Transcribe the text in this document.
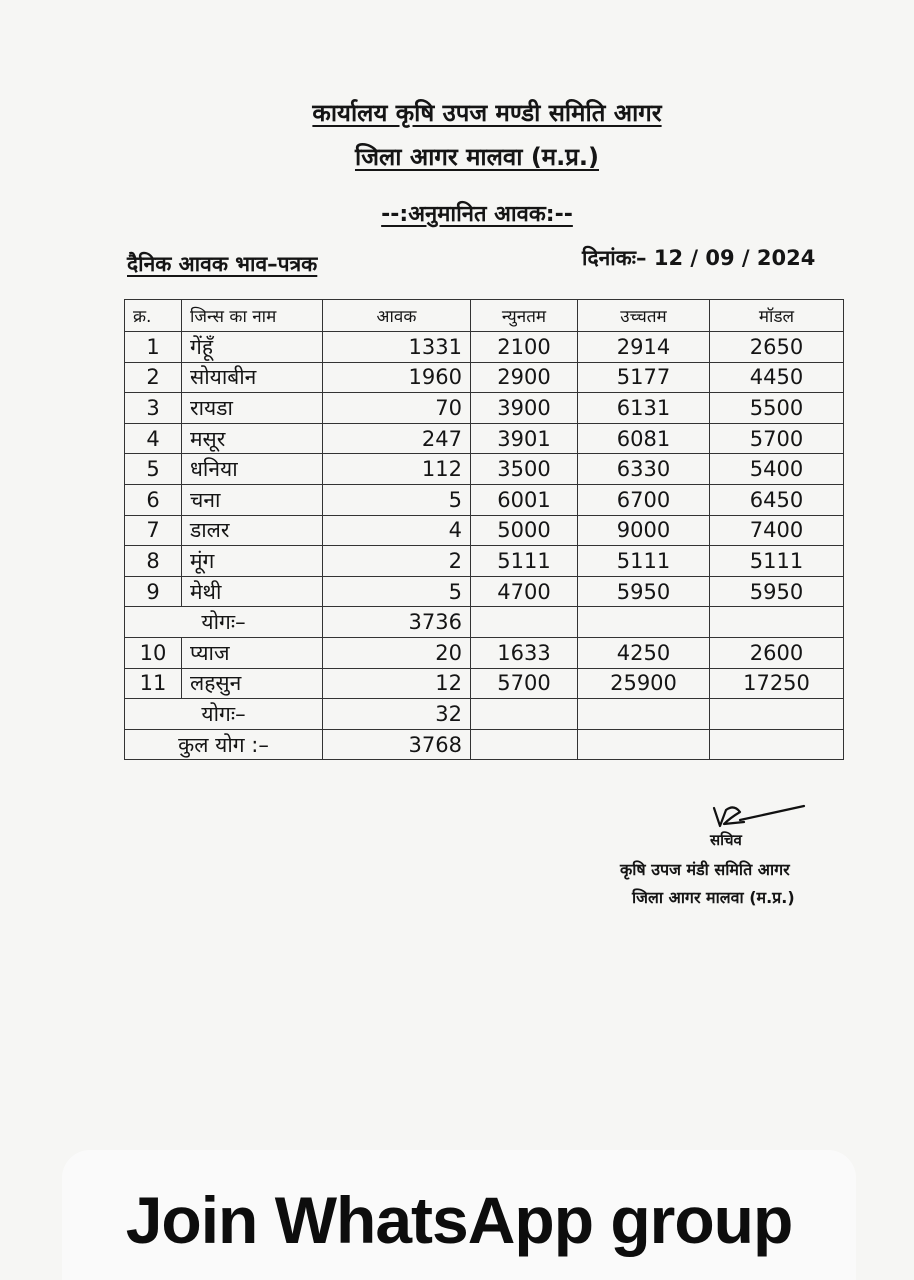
कार्यालय कृषि उपज मण्डी समिति आगर
जिला आगर मालवा (म.प्र.)
--:अनुमानित आवक:--
दैनिक आवक भाव–पत्रक	दिनांकः– 12 / 09 / 2024
क्र.	जिन्स का नाम	आवक	न्युनतम	उच्चतम	मॉडल
1	गेंहूँ	1331	2100	2914	2650
2	सोयाबीन	1960	2900	5177	4450
3	रायडा	70	3900	6131	5500
4	मसूर	247	3901	6081	5700
5	धनिया	112	3500	6330	5400
6	चना	5	6001	6700	6450
7	डालर	4	5000	9000	7400
8	मूंग	2	5111	5111	5111
9	मेथी	5	4700	5950	5950
योगः–		3736			
10	प्याज	20	1633	4250	2600
11	लहसुन	12	5700	25900	17250
योगः–		32			
कुल योग :–		3768			
सचिव
कृषि उपज मंडी समिति आगर
जिला आगर मालवा (म.प्र.)
Join WhatsApp group
